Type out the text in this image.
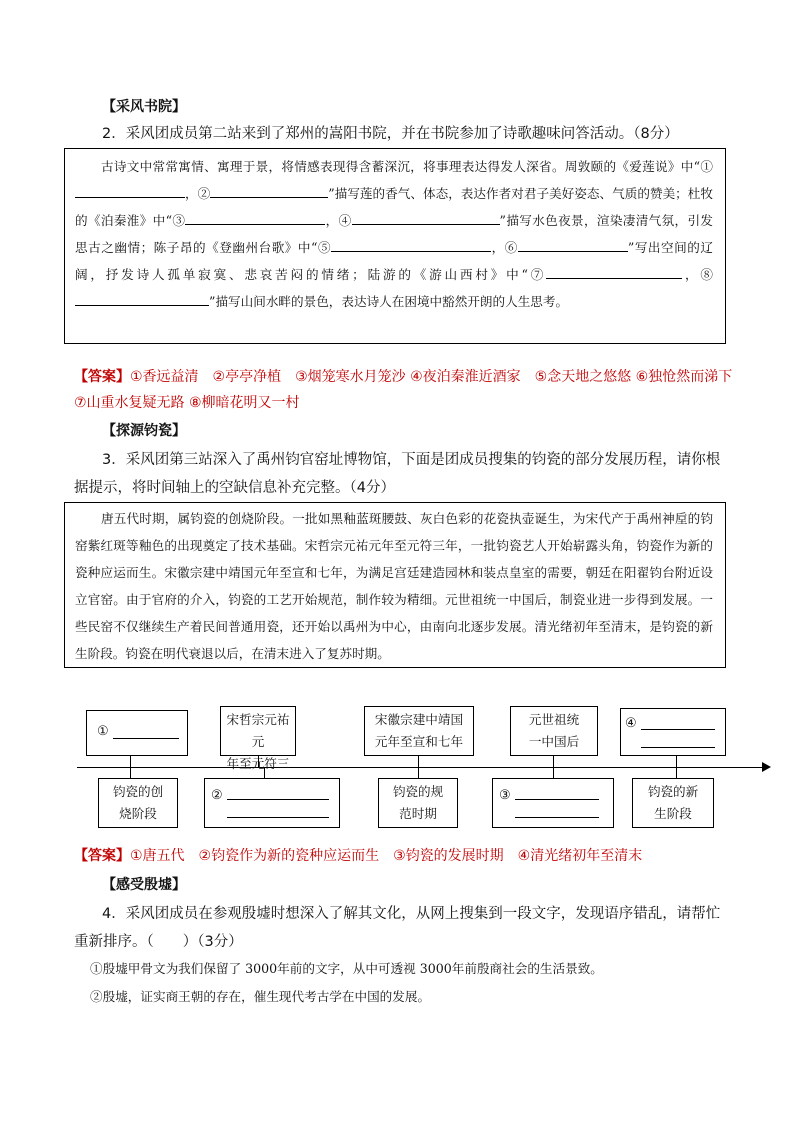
【采风书院】

2．采风团成员第二站来到了郑州的嵩阳书院，并在书院参加了诗歌趣味问答活动。（8分）

古诗文中常常寓情、寓理于景，将情感表现得含蓄深沉，将事理表达得发人深省。周敦颐的《爱莲说》中“①，②	”描写莲的香气、体态，表达作者对君子美好姿态、气质的赞美；杜牧的《泊秦淮》中“③	，④	”描写水色夜景，渲染凄清气氛，引发思古之幽情；陈子昂的《登幽州台歌》中“⑤	，⑥	”写出空间的辽阔，抒发诗人孤单寂寞、悲哀苦闷的情绪；陆游的《游山西村》中“⑦	，⑧”描写山间水畔的景色，表达诗人在困境中豁然开朗的人生思考。

【答案】①香远益清　②亭亭净植　③烟笼寒水月笼沙 ④夜泊秦淮近酒家　⑤念天地之悠悠 ⑥独怆然而涕下　⑦山重水复疑无路 ⑧柳暗花明又一村

【探源钧瓷】

3．采风团第三站深入了禹州钧官窑址博物馆，下面是团成员搜集的钧瓷的部分发展历程，请你根据提示，将时间轴上的空缺信息补充完整。（4分）

唐五代时期，属钧瓷的创烧阶段。一批如黑釉蓝斑腰鼓、灰白色彩的花瓷执壶诞生，为宋代产于禹州神垕的钧窑紫红斑等釉色的出现奠定了技术基础。宋哲宗元祐元年至元符三年，一批钧瓷艺人开始崭露头角，钧瓷作为新的瓷种应运而生。宋徽宗建中靖国元年至宣和七年，为满足宫廷建造园林和装点皇室的需要，朝廷在阳翟钧台附近设立官窑。由于官府的介入，钧瓷的工艺开始规范，制作较为精细。元世祖统一中国后，制瓷业进一步得到发展。一些民窑不仅继续生产着民间普通用瓷，还开始以禹州为中心，由南向北逐步发展。清光绪初年至清末，是钧瓷的新生阶段。钧瓷在明代衰退以后，在清末进入了复苏时期。

①
宋哲宗元祐元
年至元符三
宋徽宗建中靖国
元年至宣和七年
元世祖统
一中国后
④
钧瓷的创
烧阶段
②	钧瓷的规
范时期
③	钧瓷的新
生阶段

【答案】①唐五代　②钧瓷作为新的瓷种应运而生　③钧瓷的发展时期　④清光绪初年至清末

【感受殷墟】

4．采风团成员在参观殷墟时想深入了解其文化，从网上搜集到一段文字，发现语序错乱，请帮忙重新排序。（　　）（3分）

①殷墟甲骨文为我们保留了 3000年前的文字，从中可透视 3000年前殷商社会的生活景致。

②殷墟，证实商王朝的存在，催生现代考古学在中国的发展。
